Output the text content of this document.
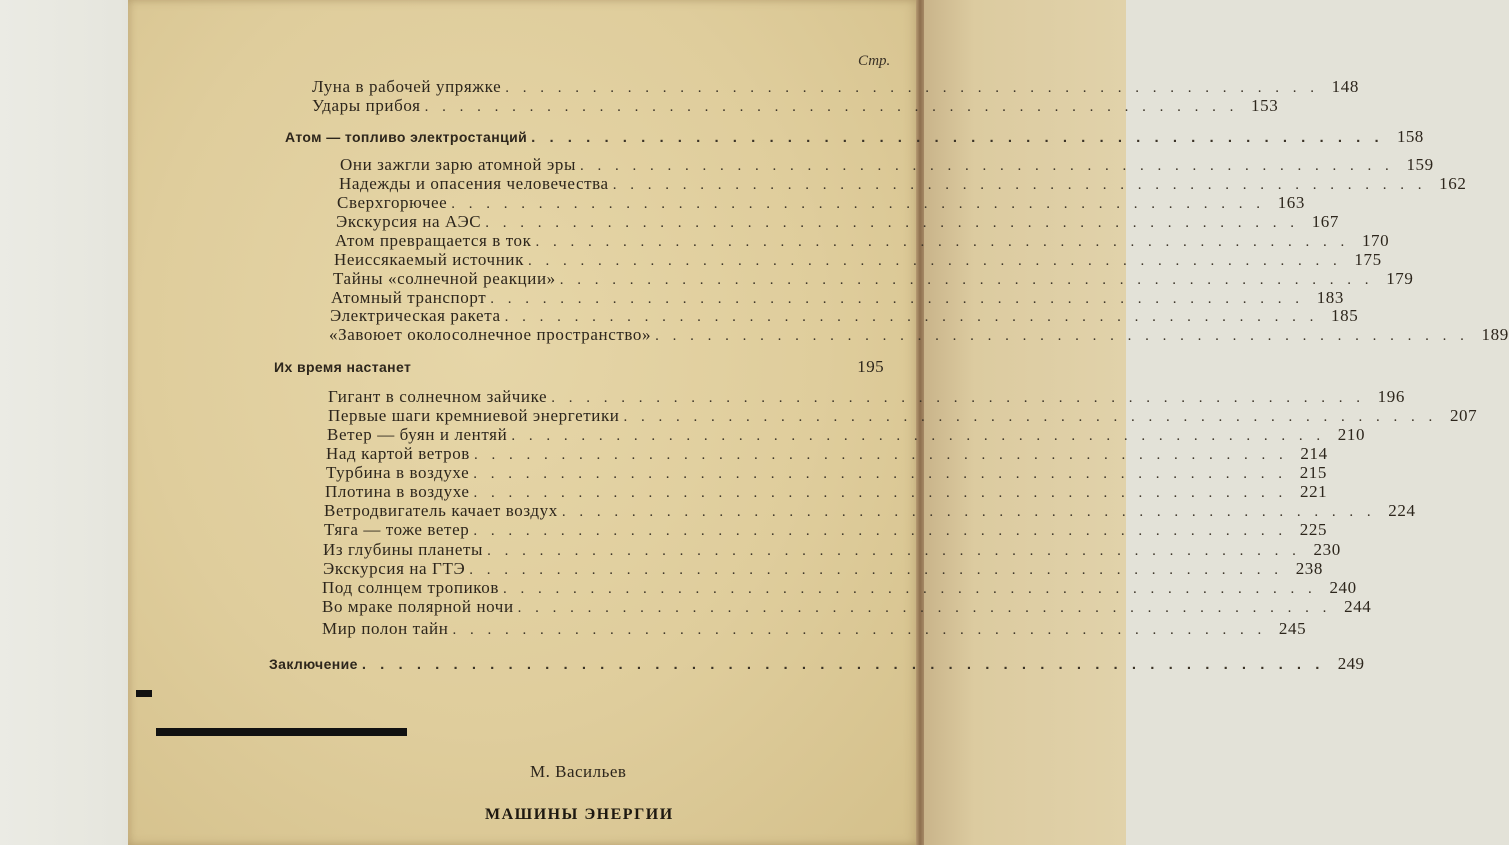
Стр.
Луна в рабочей упряжке . . . . . . . . . . . . . . . . . . . . . . . . . . . . . . . . . . . . . . . . . . . . . . . 148
Удары прибоя . . . . . . . . . . . . . . . . . . . . . . . . . . . . . . . . . . . . . . . . . . . . . . . 153
Атом — топливо электростанций . . . . . . . . . . . . . . . . . . . . . . . . . . . . . . . . . . . . . . . . . . . . . . . 158
Они зажгли зарю атомной эры . . . . . . . . . . . . . . . . . . . . . . . . . . . . . . . . . . . . . . . . . . . . . . . 159
Надежды и опасения человечества . . . . . . . . . . . . . . . . . . . . . . . . . . . . . . . . . . . . . . . . . . . . . . . 162
Сверхгорючее . . . . . . . . . . . . . . . . . . . . . . . . . . . . . . . . . . . . . . . . . . . . . . . 163
Экскурсия на АЭС . . . . . . . . . . . . . . . . . . . . . . . . . . . . . . . . . . . . . . . . . . . . . . . 167
Атом превращается в ток . . . . . . . . . . . . . . . . . . . . . . . . . . . . . . . . . . . . . . . . . . . . . . . 170
Неиссякаемый источник . . . . . . . . . . . . . . . . . . . . . . . . . . . . . . . . . . . . . . . . . . . . . . . 175
Тайны «солнечной реакции» . . . . . . . . . . . . . . . . . . . . . . . . . . . . . . . . . . . . . . . . . . . . . . . 179
Атомный транспорт . . . . . . . . . . . . . . . . . . . . . . . . . . . . . . . . . . . . . . . . . . . . . . . 183
Электрическая ракета . . . . . . . . . . . . . . . . . . . . . . . . . . . . . . . . . . . . . . . . . . . . . . . 185
«Завоюет околосолнечное пространство» . . . . . . . . . . . . . . . . . . . . . . . . . . . . . . . . . . . . . . . . . . . . . . . 189
Их время настанет	195
Гигант в солнечном зайчике . . . . . . . . . . . . . . . . . . . . . . . . . . . . . . . . . . . . . . . . . . . . . . . 196
Первые шаги кремниевой энергетики . . . . . . . . . . . . . . . . . . . . . . . . . . . . . . . . . . . . . . . . . . . . . . . 207
Ветер — буян и лентяй . . . . . . . . . . . . . . . . . . . . . . . . . . . . . . . . . . . . . . . . . . . . . . . 210
Над картой ветров . . . . . . . . . . . . . . . . . . . . . . . . . . . . . . . . . . . . . . . . . . . . . . . 214
Турбина в воздухе . . . . . . . . . . . . . . . . . . . . . . . . . . . . . . . . . . . . . . . . . . . . . . . 215
Плотина в воздухе . . . . . . . . . . . . . . . . . . . . . . . . . . . . . . . . . . . . . . . . . . . . . . . 221
Ветродвигатель качает воздух . . . . . . . . . . . . . . . . . . . . . . . . . . . . . . . . . . . . . . . . . . . . . . . 224
Тяга — тоже ветер . . . . . . . . . . . . . . . . . . . . . . . . . . . . . . . . . . . . . . . . . . . . . . . 225
Из глубины планеты . . . . . . . . . . . . . . . . . . . . . . . . . . . . . . . . . . . . . . . . . . . . . . . 230
Экскурсия на ГТЭ . . . . . . . . . . . . . . . . . . . . . . . . . . . . . . . . . . . . . . . . . . . . . . . 238
Под солнцем тропиков . . . . . . . . . . . . . . . . . . . . . . . . . . . . . . . . . . . . . . . . . . . . . . . 240
Во мраке полярной ночи . . . . . . . . . . . . . . . . . . . . . . . . . . . . . . . . . . . . . . . . . . . . . . . 244
Мир полон тайн . . . . . . . . . . . . . . . . . . . . . . . . . . . . . . . . . . . . . . . . . . . . . . . 245
Заключение . . . . . . . . . . . . . . . . . . . . . . . . . . . . . . . . . . . . . . . . . . . . . . . . . . . . . 249
М. Васильев
МАШИНЫ ЭНЕРГИИ
